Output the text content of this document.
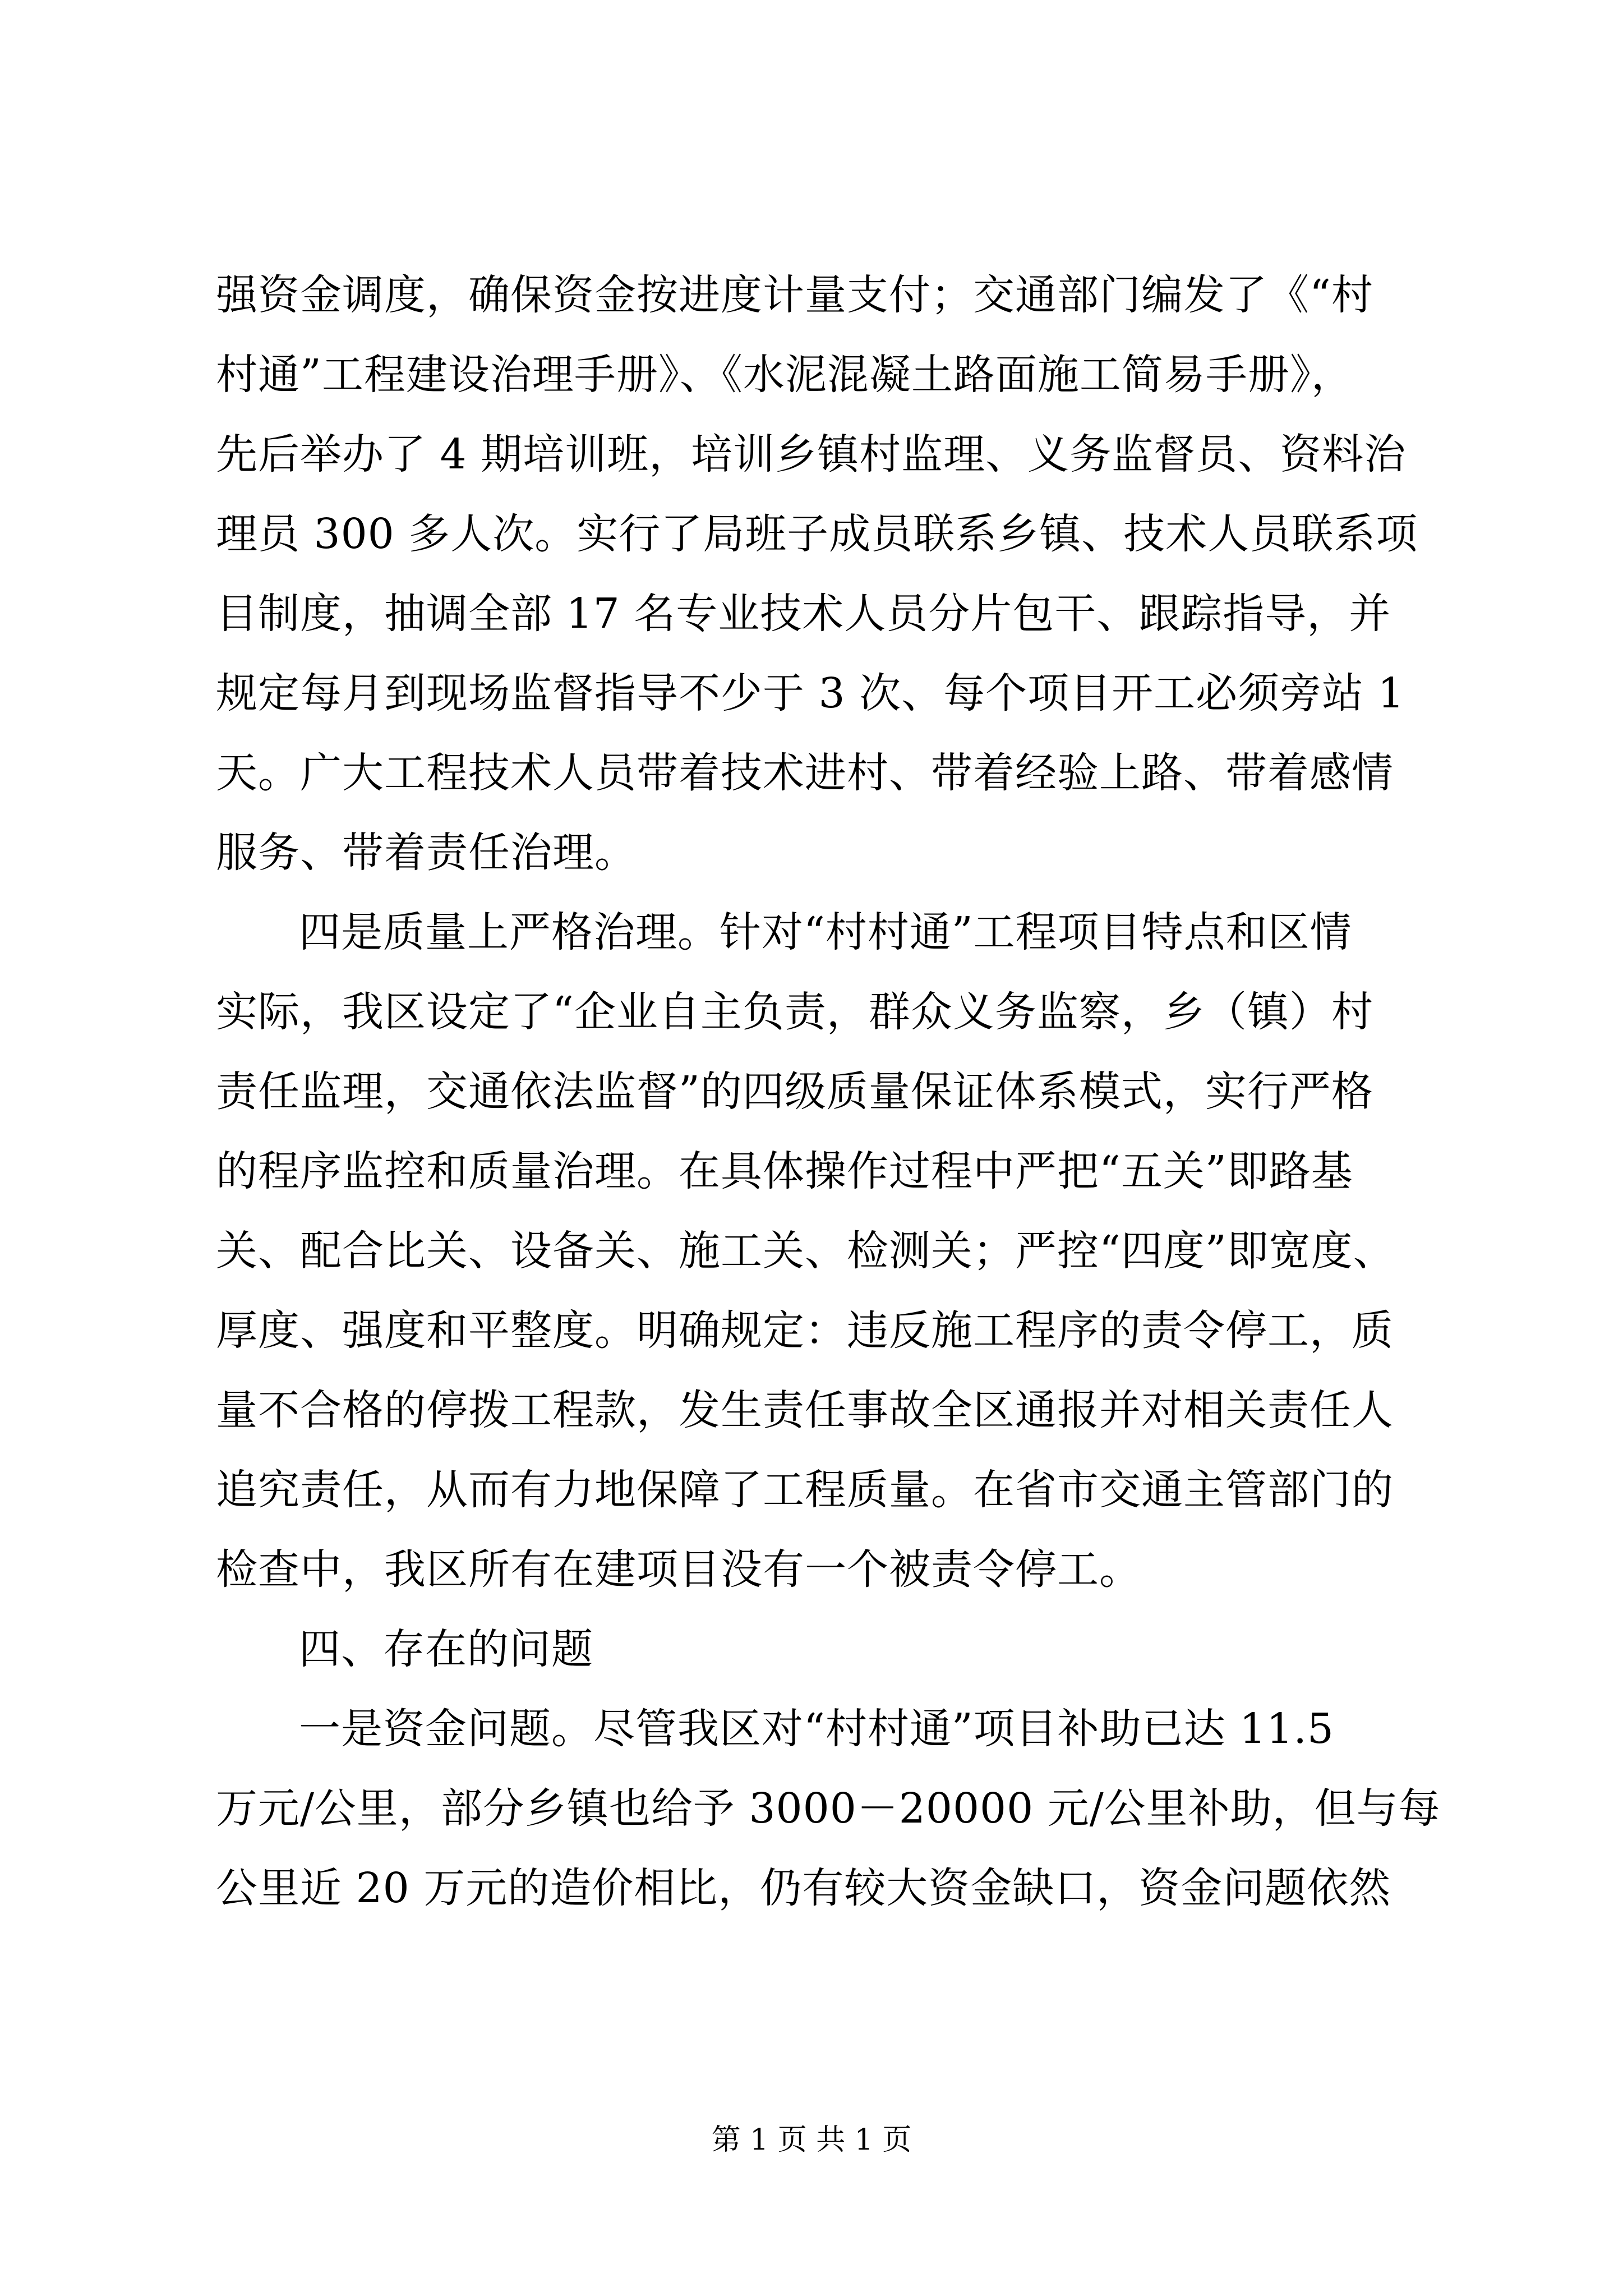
强资金调度，确保资金按进度计量支付；交通部门编发了《“村
村通”工程建设治理手册》、《水泥混凝土路面施工简易手册》，
先后举办了 4 期培训班，培训乡镇村监理、义务监督员、资料治
理员 300 多人次。实行了局班子成员联系乡镇、技术人员联系项
目制度，抽调全部 17 名专业技术人员分片包干、跟踪指导，并
规定每月到现场监督指导不少于 3 次、每个项目开工必须旁站 1
天。广大工程技术人员带着技术进村、带着经验上路、带着感情
服务、带着责任治理。
四是质量上严格治理。针对“村村通”工程项目特点和区情
实际，我区设定了“企业自主负责，群众义务监察，乡（镇）村
责任监理，交通依法监督”的四级质量保证体系模式，实行严格
的程序监控和质量治理。在具体操作过程中严把“五关”即路基
关、配合比关、设备关、施工关、检测关；严控“四度”即宽度、
厚度、强度和平整度。明确规定：违反施工程序的责令停工，质
量不合格的停拨工程款，发生责任事故全区通报并对相关责任人
追究责任，从而有力地保障了工程质量。在省市交通主管部门的
检查中，我区所有在建项目没有一个被责令停工。
四、存在的问题
一是资金问题。尽管我区对“村村通”项目补助已达 11.5
万元/公里，部分乡镇也给予 3000－20000 元/公里补助，但与每
公里近 20 万元的造价相比，仍有较大资金缺口，资金问题依然
第 1 页 共 1 页
